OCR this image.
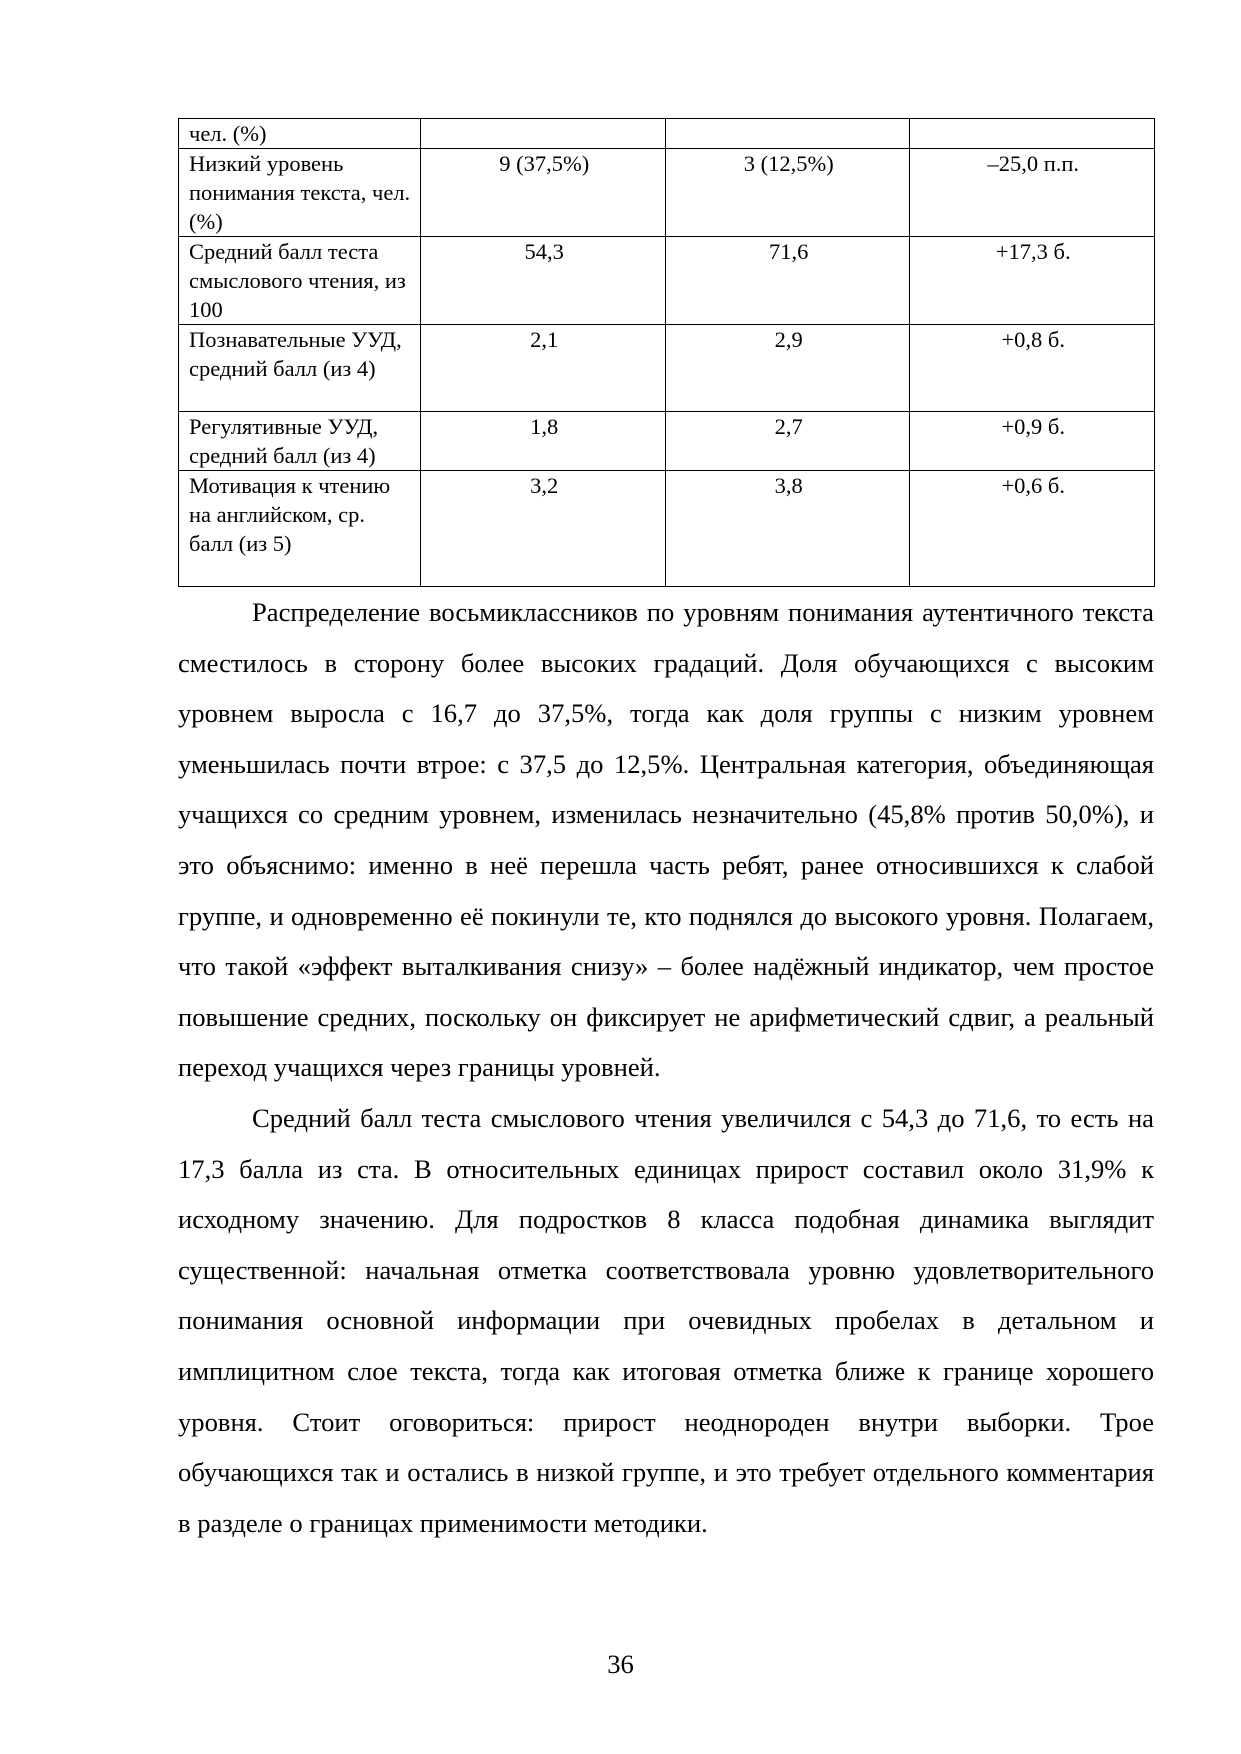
чел. (%)			
Низкий уровень понимания текста, чел. (%)	9 (37,5%)	3 (12,5%)	–25,0 п.п.
Средний балл теста смыслового чтения, из 100	54,3	71,6	+17,3 б.
Познавательные УУД, средний балл (из 4)	2,1	2,9	+0,8 б.
Регулятивные УУД, средний балл (из 4)	1,8	2,7	+0,9 б.
Мотивация к чтению на английском, ср. балл (из 5)	3,2	3,8	+0,6 б.

Распределение восьмиклассников по уровням понимания аутентичного текста сместилось в сторону более высоких градаций. Доля обучающихся с высоким уровнем выросла с 16,7 до 37,5%, тогда как доля группы с низким уровнем уменьшилась почти втрое: с 37,5 до 12,5%. Центральная категория, объединяющая учащихся со средним уровнем, изменилась незначительно (45,8% против 50,0%), и это объяснимо: именно в неё перешла часть ребят, ранее относившихся к слабой группе, и одновременно её покинули те, кто поднялся до высокого уровня. Полагаем, что такой «эффект выталкивания снизу» – более надёжный индикатор, чем простое повышение средних, поскольку он фиксирует не арифметический сдвиг, а реальный переход учащихся через границы уровней.

Средний балл теста смыслового чтения увеличился с 54,3 до 71,6, то есть на 17,3 балла из ста. В относительных единицах прирост составил около 31,9% к исходному значению. Для подростков 8 класса подобная динамика выглядит существенной: начальная отметка соответствовала уровню удовлетворительного понимания основной информации при очевидных пробелах в детальном и имплицитном слое текста, тогда как итоговая отметка ближе к границе хорошего уровня. Стоит оговориться: прирост неоднороден внутри выборки. Трое обучающихся так и остались в низкой группе, и это требует отдельного комментария в разделе о границах применимости методики.

36
